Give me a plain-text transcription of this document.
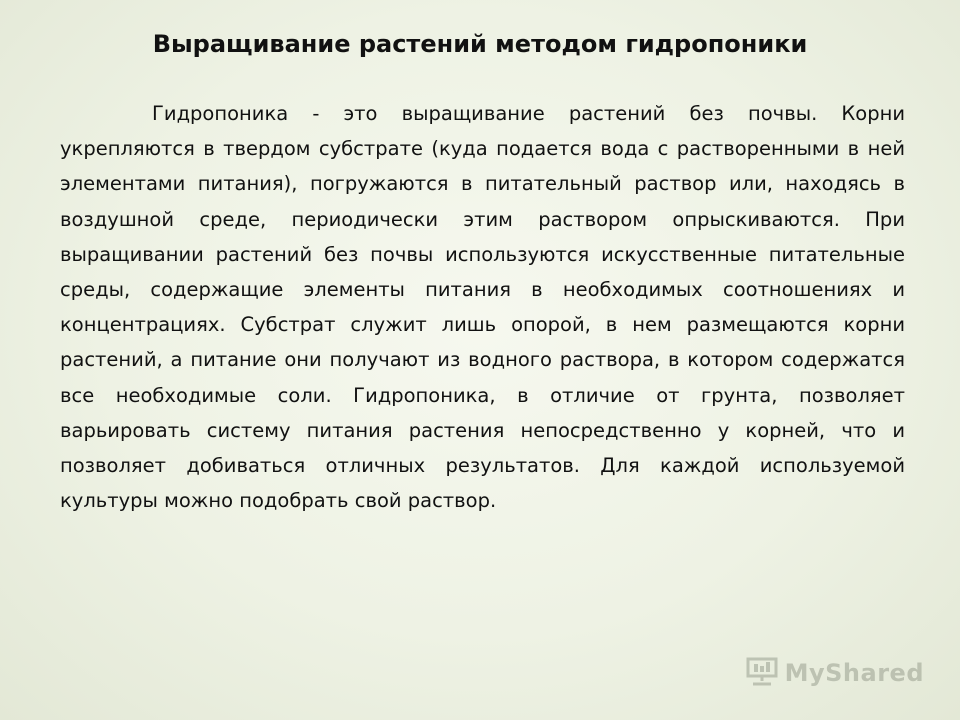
Выращивание растений методом гидропоники

Гидропоника - это выращивание растений без почвы. Корни укрепляются в твердом субстрате (куда подается вода с растворенными в ней элементами питания), погружаются в питательный раствор или, находясь в воздушной среде, периодически этим раствором опрыскиваются. При выращивании растений без почвы используются искусственные питательные среды, содержащие элементы питания в необходимых соотношениях и концентрациях. Субстрат служит лишь опорой, в нем размещаются корни растений, а питание они получают из водного раствора, в котором содержатся все необходимые соли. Гидропоника, в отличие от грунта, позволяет варьировать систему питания растения непосредственно у корней, что и позволяет добиваться отличных результатов. Для каждой используемой культуры можно подобрать свой раствор.

MyShared
